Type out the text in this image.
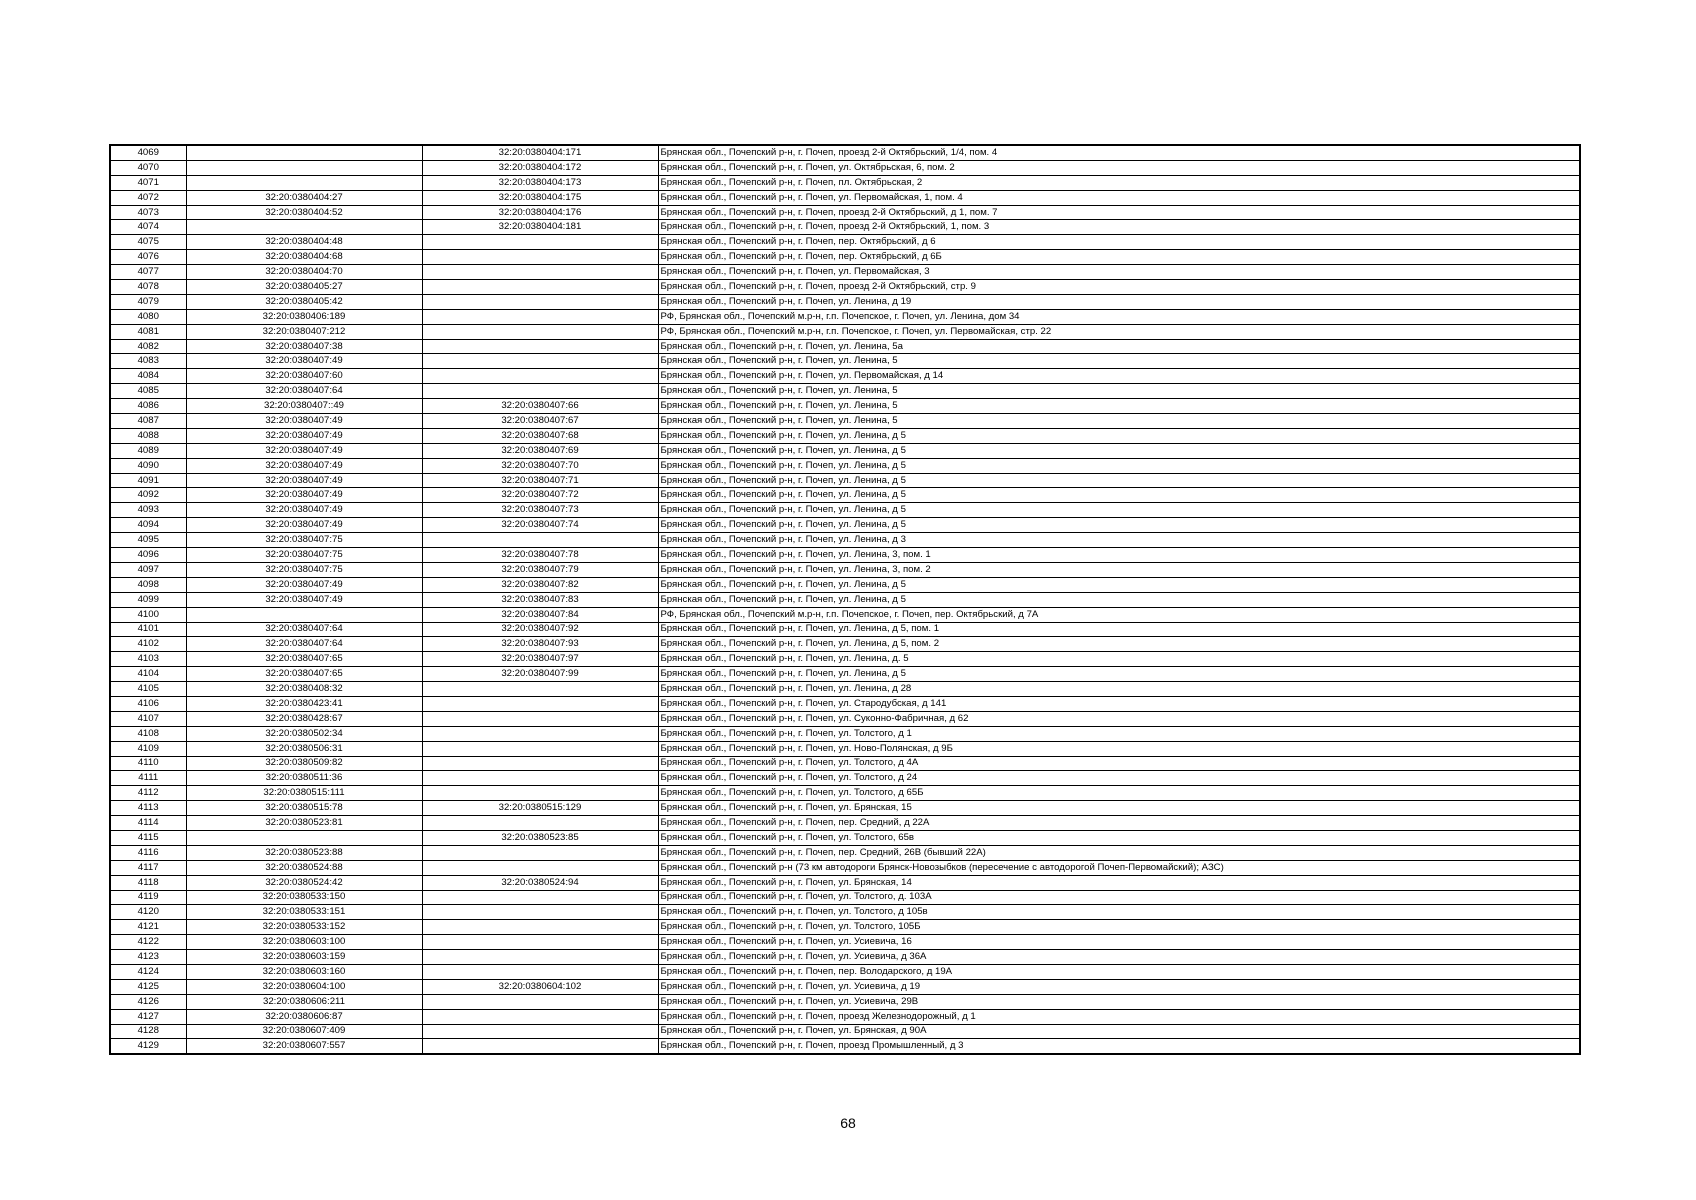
4069		32:20:0380404:171	Брянская обл., Почепский р-н, г. Почеп, проезд 2-й Октябрьский, 1/4, пом. 4
4070		32:20:0380404:172	Брянская обл., Почепский р-н, г. Почеп, ул. Октябрьская, 6, пом. 2
4071		32:20:0380404:173	Брянская обл., Почепский р-н, г. Почеп, пл. Октябрьская, 2
4072	32:20:0380404:27	32:20:0380404:175	Брянская обл., Почепский р-н, г. Почеп, ул. Первомайская, 1, пом. 4
4073	32:20:0380404:52	32:20:0380404:176	Брянская обл., Почепский р-н, г. Почеп, проезд 2-й Октябрьский, д 1, пом. 7
4074		32:20:0380404:181	Брянская обл., Почепский р-н, г. Почеп, проезд 2-й Октябрьский, 1, пом. 3
4075	32:20:0380404:48		Брянская обл., Почепский р-н, г. Почеп, пер. Октябрьский, д 6
4076	32:20:0380404:68		Брянская обл., Почепский р-н, г. Почеп, пер. Октябрьский, д 6Б
4077	32:20:0380404:70		Брянская обл., Почепский р-н, г. Почеп, ул. Первомайская, 3
4078	32:20:0380405:27		Брянская обл., Почепский р-н, г. Почеп, проезд 2-й Октябрьский, стр. 9
4079	32:20:0380405:42		Брянская обл., Почепский р-н, г. Почеп, ул. Ленина, д 19
4080	32:20:0380406:189		РФ, Брянская обл., Почепский м.р-н, г.п. Почепское, г. Почеп, ул. Ленина, дом 34
4081	32:20:0380407:212		РФ, Брянская обл., Почепский м.р-н, г.п. Почепское, г. Почеп, ул. Первомайская, стр. 22
4082	32:20:0380407:38		Брянская обл., Почепский р-н, г. Почеп, ул. Ленина, 5а
4083	32:20:0380407:49		Брянская обл., Почепский р-н, г. Почеп, ул. Ленина, 5
4084	32:20:0380407:60		Брянская обл., Почепский р-н, г. Почеп, ул. Первомайская, д 14
4085	32:20:0380407:64		Брянская обл., Почепский р-н, г. Почеп, ул. Ленина, 5
4086	32:20:0380407::49	32:20:0380407:66	Брянская обл., Почепский р-н, г. Почеп, ул. Ленина, 5
4087	32:20:0380407:49	32:20:0380407:67	Брянская обл., Почепский р-н, г. Почеп, ул. Ленина, 5
4088	32:20:0380407:49	32:20:0380407:68	Брянская обл., Почепский р-н, г. Почеп, ул. Ленина, д 5
4089	32:20:0380407:49	32:20:0380407:69	Брянская обл., Почепский р-н, г. Почеп, ул. Ленина, д 5
4090	32:20:0380407:49	32:20:0380407:70	Брянская обл., Почепский р-н, г. Почеп, ул. Ленина, д 5
4091	32:20:0380407:49	32:20:0380407:71	Брянская обл., Почепский р-н, г. Почеп, ул. Ленина, д 5
4092	32:20:0380407:49	32:20:0380407:72	Брянская обл., Почепский р-н, г. Почеп, ул. Ленина, д 5
4093	32:20:0380407:49	32:20:0380407:73	Брянская обл., Почепский р-н, г. Почеп, ул. Ленина, д 5
4094	32:20:0380407:49	32:20:0380407:74	Брянская обл., Почепский р-н, г. Почеп, ул. Ленина, д 5
4095	32:20:0380407:75		Брянская обл., Почепский р-н, г. Почеп, ул. Ленина, д 3
4096	32:20:0380407:75	32:20:0380407:78	Брянская обл., Почепский р-н, г. Почеп, ул. Ленина, 3, пом. 1
4097	32:20:0380407:75	32:20:0380407:79	Брянская обл., Почепский р-н, г. Почеп, ул. Ленина, 3, пом. 2
4098	32:20:0380407:49	32:20:0380407:82	Брянская обл., Почепский р-н, г. Почеп, ул. Ленина, д 5
4099	32:20:0380407:49	32:20:0380407:83	Брянская обл., Почепский р-н, г. Почеп, ул. Ленина, д 5
4100		32:20:0380407:84	РФ, Брянская обл., Почепский м.р-н, г.п. Почепское, г. Почеп, пер. Октябрьский, д 7А
4101	32:20:0380407:64	32:20:0380407:92	Брянская обл., Почепский р-н, г. Почеп, ул. Ленина, д 5, пом. 1
4102	32:20:0380407:64	32:20:0380407:93	Брянская обл., Почепский р-н, г. Почеп, ул. Ленина, д 5, пом. 2
4103	32:20:0380407:65	32:20:0380407:97	Брянская обл., Почепский р-н, г. Почеп, ул. Ленина, д. 5
4104	32:20:0380407:65	32:20:0380407:99	Брянская обл., Почепский р-н, г. Почеп, ул. Ленина, д 5
4105	32:20:0380408:32		Брянская обл., Почепский р-н, г. Почеп, ул. Ленина, д 28
4106	32:20:0380423:41		Брянская обл., Почепский р-н, г. Почеп, ул. Стародубская, д 141
4107	32:20:0380428:67		Брянская обл., Почепский р-н, г. Почеп, ул. Суконно-Фабричная, д 62
4108	32:20:0380502:34		Брянская обл., Почепский р-н, г. Почеп, ул. Толстого, д 1
4109	32:20:0380506:31		Брянская обл., Почепский р-н, г. Почеп, ул. Ново-Полянская, д 9Б
4110	32:20:0380509:82		Брянская обл., Почепский р-н, г. Почеп, ул. Толстого, д 4А
4111	32:20:0380511:36		Брянская обл., Почепский р-н, г. Почеп, ул. Толстого, д 24
4112	32:20:0380515:111		Брянская обл., Почепский р-н, г. Почеп, ул. Толстого, д 65Б
4113	32:20:0380515:78	32:20:0380515:129	Брянская обл., Почепский р-н, г. Почеп, ул. Брянская, 15
4114	32:20:0380523:81		Брянская обл., Почепский р-н, г. Почеп, пер. Средний, д 22А
4115		32:20:0380523:85	Брянская обл., Почепский р-н, г. Почеп, ул. Толстого, 65в
4116	32:20:0380523:88		Брянская обл., Почепский р-н, г. Почеп, пер. Средний, 26В (бывший 22А)
4117	32:20:0380524:88		Брянская обл., Почепский р-н (73 км автодороги Брянск-Новозыбков (пересечение с автодорогой Почеп-Первомайский); АЗС)
4118	32:20:0380524:42	32:20:0380524:94	Брянская обл., Почепский р-н, г. Почеп, ул. Брянская, 14
4119	32:20:0380533:150		Брянская обл., Почепский р-н, г. Почеп, ул. Толстого, д. 103А
4120	32:20:0380533:151		Брянская обл., Почепский р-н, г. Почеп, ул. Толстого, д 105в
4121	32:20:0380533:152		Брянская обл., Почепский р-н, г. Почеп, ул. Толстого, 105Б
4122	32:20:0380603:100		Брянская обл., Почепский р-н, г. Почеп, ул. Усиевича, 16
4123	32:20:0380603:159		Брянская обл., Почепский р-н, г. Почеп, ул. Усиевича, д 36А
4124	32:20:0380603:160		Брянская обл., Почепский р-н, г. Почеп, пер. Володарского, д 19А
4125	32:20:0380604:100	32:20:0380604:102	Брянская обл., Почепский р-н, г. Почеп, ул. Усиевича, д 19
4126	32:20:0380606:211		Брянская обл., Почепский р-н, г. Почеп, ул. Усиевича, 29В
4127	32:20:0380606:87		Брянская обл., Почепский р-н, г. Почеп, проезд Железнодорожный, д 1
4128	32:20:0380607:409		Брянская обл., Почепский р-н, г. Почеп, ул. Брянская, д 90А
4129	32:20:0380607:557		Брянская обл., Почепский р-н, г. Почеп, проезд Промышленный, д 3
68
